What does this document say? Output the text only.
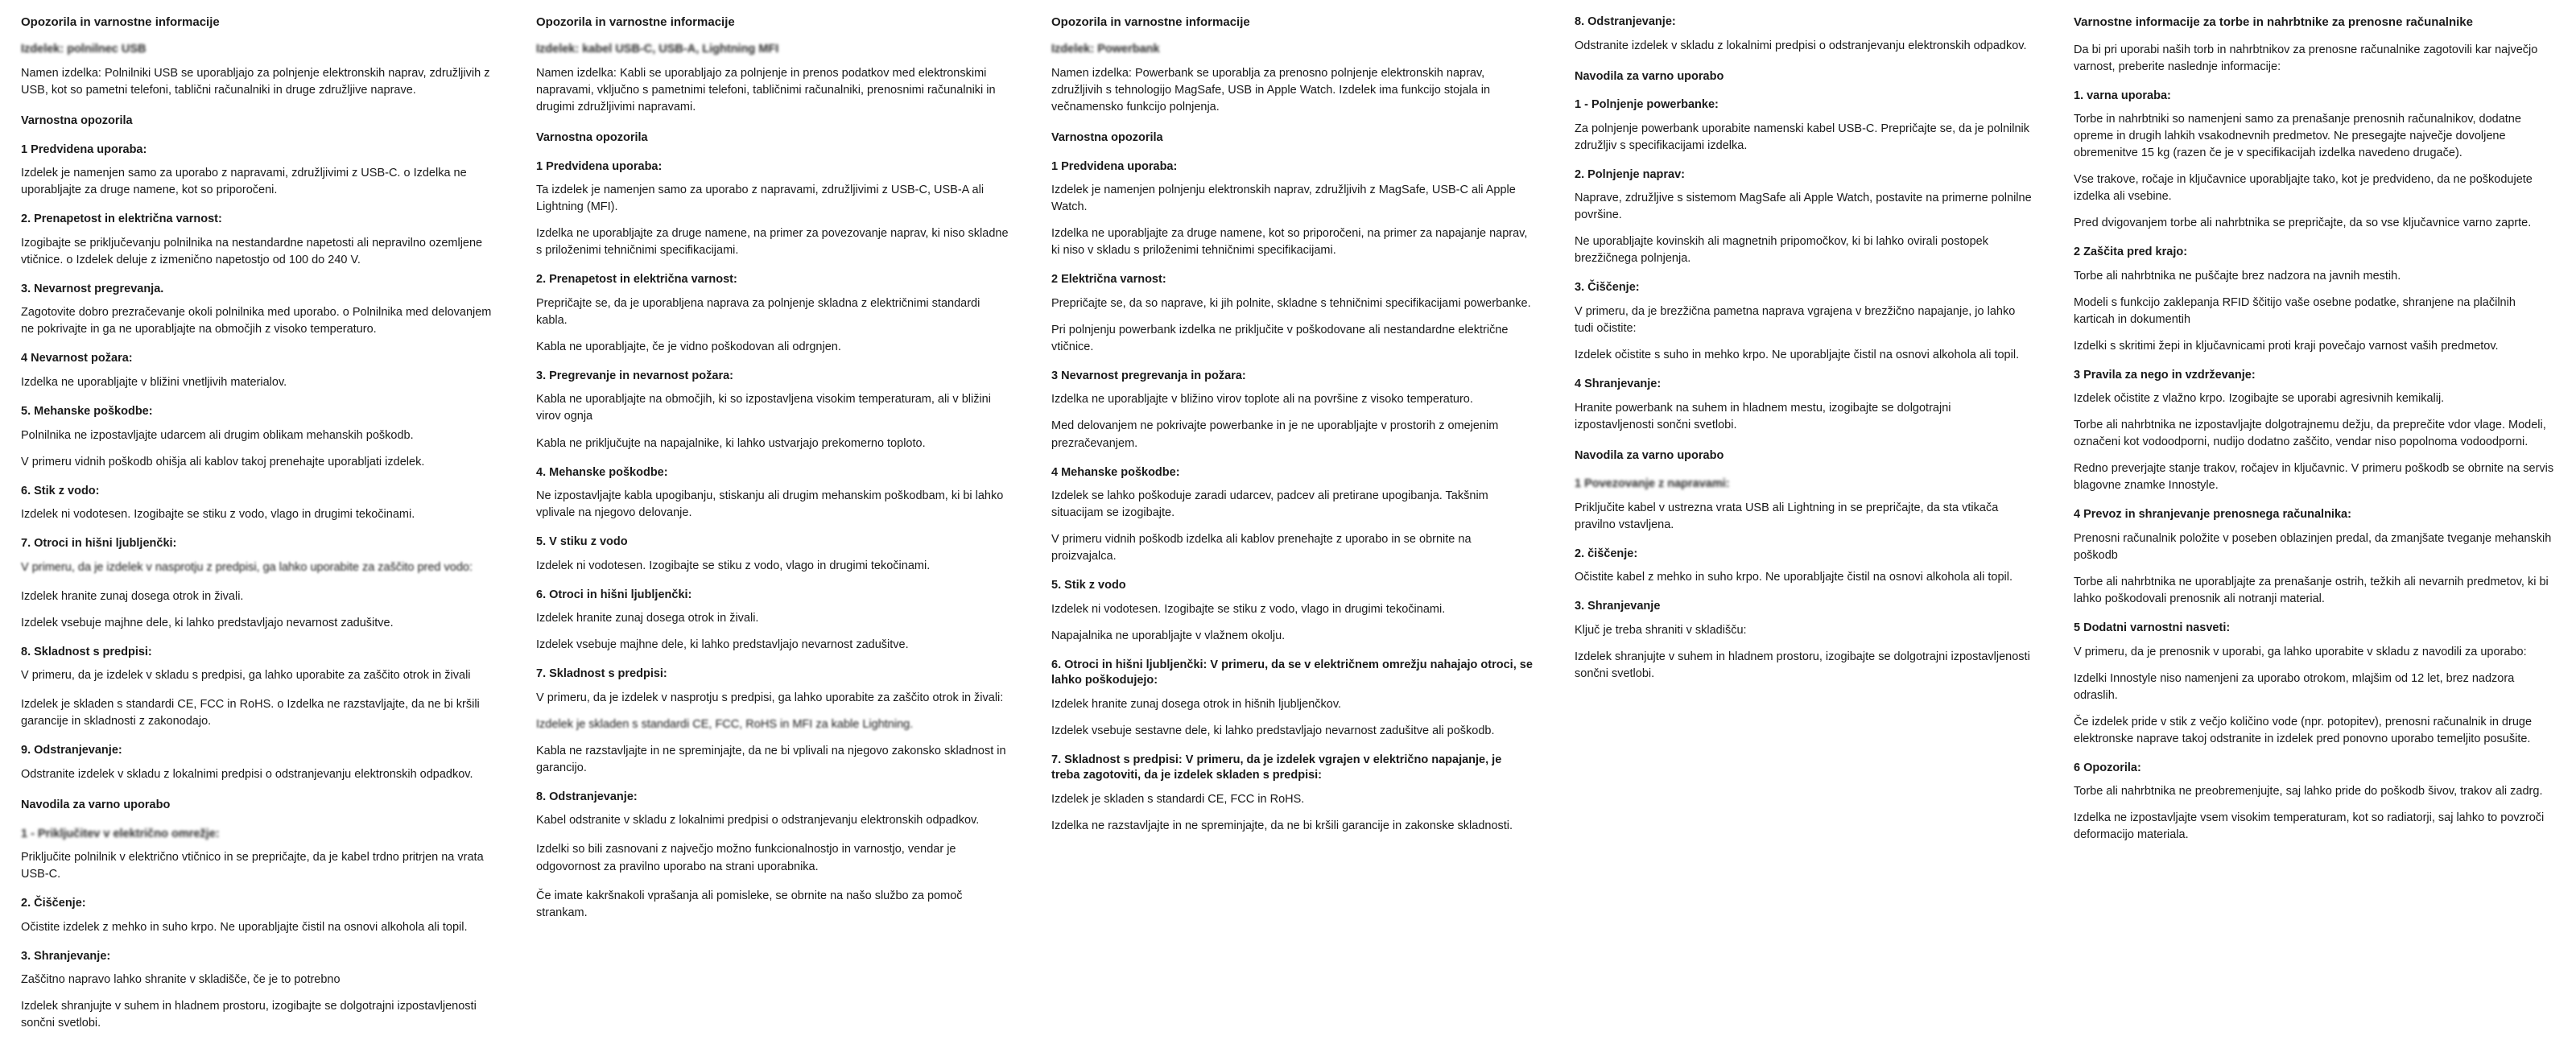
Opozorila in varnostne informacije
Izdelek: polnilnec USB

Namen izdelka: Polnilniki USB se uporabljajo za polnjenje elektronskih naprav, združljivih z USB, kot so pametni telefoni, tablični računalniki in druge združljive naprave.

Varnostna opozorila
1 Predvidena uporaba:

Izdelek je namenjen samo za uporabo z napravami, združljivimi z USB-C. o Izdelka ne uporabljajte za druge namene, kot so priporočeni.

2. Prenapetost in električna varnost:

Izogibajte se priključevanju polnilnika na nestandardne napetosti ali nepravilno ozemljene vtičnice. o Izdelek deluje z izmenično napetostjo od 100 do 240 V.

3. Nevarnost pregrevanja.

Zagotovite dobro prezračevanje okoli polnilnika med uporabo. o Polnilnika med delovanjem ne pokrivajte in ga ne uporabljajte na območjih z visoko temperaturo.

4 Nevarnost požara:

Izdelka ne uporabljajte v bližini vnetljivih materialov.

5. Mehanske poškodbe:

Polnilnika ne izpostavljajte udarcem ali drugim oblikam mehanskih poškodb.

V primeru vidnih poškodb ohišja ali kablov takoj prenehajte uporabljati izdelek.

6. Stik z vodo:

Izdelek ni vodotesen. Izogibajte se stiku z vodo, vlago in drugimi tekočinami.

7. Otroci in hišni ljubljenčki:

V primeru, da je izdelek v nasprotju z predpisi, ga lahko uporabite za zaščito pred vodo:

Izdelek hranite zunaj dosega otrok in živali.

Izdelek vsebuje majhne dele, ki lahko predstavljajo nevarnost zadušitve.

8. Skladnost s predpisi:

V primeru, da je izdelek v skladu s predpisi, ga lahko uporabite za zaščito otrok in živali

Izdelek je skladen s standardi CE, FCC in RoHS. o Izdelka ne razstavljajte, da ne bi kršili garancije in skladnosti z zakonodajo.

9. Odstranjevanje:

Odstranite izdelek v skladu z lokalnimi predpisi o odstranjevanju elektronskih odpadkov.

Navodila za varno uporabo
1 - Priključitev v električno omrežje:

Priključite polnilnik v električno vtičnico in se prepričajte, da je kabel trdno pritrjen na vrata USB-C.

2. Čiščenje:

Očistite izdelek z mehko in suho krpo. Ne uporabljajte čistil na osnovi alkohola ali topil.

3. Shranjevanje:

Zaščitno napravo lahko shranite v skladišče, če je to potrebno

Izdelek shranjujte v suhem in hladnem prostoru, izogibajte se dolgotrajni izpostavljenosti sončni svetlobi.

Opozorila in varnostne informacije
Izdelek: kabel USB-C, USB-A, Lightning MFI

Namen izdelka: Kabli se uporabljajo za polnjenje in prenos podatkov med elektronskimi napravami, vključno s pametnimi telefoni, tabličnimi računalniki, prenosnimi računalniki in drugimi združljivimi napravami.

Varnostna opozorila
1 Predvidena uporaba:

Ta izdelek je namenjen samo za uporabo z napravami, združljivimi z USB-C, USB-A ali Lightning (MFI).

Izdelka ne uporabljajte za druge namene, na primer za povezovanje naprav, ki niso skladne s priloženimi tehničnimi specifikacijami.

2. Prenapetost in električna varnost:

Prepričajte se, da je uporabljena naprava za polnjenje skladna z električnimi standardi kabla.

Kabla ne uporabljajte, če je vidno poškodovan ali odrgnjen.

3. Pregrevanje in nevarnost požara:

Kabla ne uporabljajte na območjih, ki so izpostavljena visokim temperaturam, ali v bližini virov ognja

Kabla ne priključujte na napajalnike, ki lahko ustvarjajo prekomerno toploto.

4. Mehanske poškodbe:

Ne izpostavljajte kabla upogibanju, stiskanju ali drugim mehanskim poškodbam, ki bi lahko vplivale na njegovo delovanje.

5. V stiku z vodo

Izdelek ni vodotesen. Izogibajte se stiku z vodo, vlago in drugimi tekočinami.

6. Otroci in hišni ljubljenčki:

Izdelek hranite zunaj dosega otrok in živali.

Izdelek vsebuje majhne dele, ki lahko predstavljajo nevarnost zadušitve.

7. Skladnost s predpisi:

V primeru, da je izdelek v nasprotju s predpisi, ga lahko uporabite za zaščito otrok in živali:

Izdelek je skladen s standardi CE, FCC, RoHS in MFI za kable Lightning.

Kabla ne razstavljajte in ne spreminjajte, da ne bi vplivali na njegovo zakonsko skladnost in garancijo.

8. Odstranjevanje:

Kabel odstranite v skladu z lokalnimi predpisi o odstranjevanju elektronskih odpadkov.

Izdelki so bili zasnovani z največjo možno funkcionalnostjo in varnostjo, vendar je odgovornost za pravilno uporabo na strani uporabnika.

Če imate kakršnakoli vprašanja ali pomislekе, se obrnite na našo službo za pomoč strankam.

Opozorila in varnostne informacije
Izdelek: Powerbank

Namen izdelka: Powerbank se uporablja za prenosno polnjenje elektronskih naprav, združljivih s tehnologijo MagSafe, USB in Apple Watch. Izdelek ima funkcijo stojala in večnamensko funkcijo polnjenja.

Varnostna opozorila
1 Predvidena uporaba:

Izdelek je namenjen polnjenju elektronskih naprav, združljivih z MagSafe, USB-C ali Apple Watch.

Izdelka ne uporabljajte za druge namene, kot so priporočeni, na primer za napajanje naprav, ki niso v skladu s priloženimi tehničnimi specifikacijami.

2 Električna varnost:

Prepričajte se, da so naprave, ki jih polnite, skladne s tehničnimi specifikacijami powerbanke.

Pri polnjenju powerbank izdelka ne priključite v poškodovane ali nestandardne električne vtičnice.

3 Nevarnost pregrevanja in požara:

Izdelka ne uporabljajte v bližino virov toplote ali na površine z visoko temperaturo.

Med delovanjem ne pokrivajte powerbanke in je ne uporabljajte v prostorih z omejenim prezračevanjem.

4 Mehanske poškodbe:

Izdelek se lahko poškoduje zaradi udarcev, padcev ali pretirane upogibanja. Takšnim situacijam se izogibajte.

V primeru vidnih poškodb izdelka ali kablov prenehajte z uporabo in se obrnite na proizvajalca.

5. Stik z vodo

Izdelek ni vodotesen. Izogibajte se stiku z vodo, vlago in drugimi tekočinami.

Napajalnika ne uporabljajte v vlažnem okolju.

6. Otroci in hišni ljubljenčki: V primeru, da se v električnem omrežju nahajajo otroci, se lahko poškodujejo:

Izdelek hranite zunaj dosega otrok in hišnih ljubljenčkov.

Izdelek vsebuje sestavne dele, ki lahko predstavljajo nevarnost zadušitve ali poškodb.

7. Skladnost s predpisi: V primeru, da je izdelek vgrajen v električno napajanje, je treba zagotoviti, da je izdelek skladen s predpisi:

Izdelek je skladen s standardi CE, FCC in RoHS.

Izdelka ne razstavljajte in ne spreminjajte, da ne bi kršili garancije in zakonske skladnosti.

8. Odstranjevanje:

Odstranite izdelek v skladu z lokalnimi predpisi o odstranjevanju elektronskih odpadkov.

Navodila za varno uporabo
1 - Polnjenje powerbanke:

Za polnjenje powerbank uporabite namenski kabel USB-C. Prepričajte se, da je polnilnik združljiv s specifikacijami izdelka.

2. Polnjenje naprav:

Naprave, združljive s sistemom MagSafe ali Apple Watch, postavite na primerne polnilne površine.

Ne uporabljajte kovinskih ali magnetnih pripomočkov, ki bi lahko ovirali postopek brezžičnega polnjenja.

3. Čiščenje:

V primeru, da je brezžična pametna naprava vgrajena v brezžično napajanje, jo lahko tudi očistite:

Izdelek očistite s suho in mehko krpo. Ne uporabljajte čistil na osnovi alkohola ali topil.

4 Shranjevanje:

Hranite powerbank na suhem in hladnem mestu, izogibajte se dolgotrajni izpostavljenosti sončni svetlobi.

Navodila za varno uporabo
1 Povezovanje z napravami:

Priključite kabel v ustrezna vrata USB ali Lightning in se prepričajte, da sta vtikača pravilno vstavljena.

2. čiščenje:

Očistite kabel z mehko in suho krpo. Ne uporabljajte čistil na osnovi alkohola ali topil.

3. Shranjevanje

Ključ je treba shraniti v skladišču:

Izdelek shranjujte v suhem in hladnem prostoru, izogibajte se dolgotrajni izpostavljenosti sončni svetlobi.

Varnostne informacije za torbe in nahrbtnike za prenosne računalnike

Da bi pri uporabi naših torb in nahrbtnikov za prenosne računalnike zagotovili kar največjo varnost, preberite naslednje informacije:

1. varna uporaba:

Torbe in nahrbtniki so namenjeni samo za prenašanje prenosnih računalnikov, dodatne opreme in drugih lahkih vsakodnevnih predmetov. Ne presegajte največje dovoljene obremenitve 15 kg (razen če je v specifikacijah izdelka navedeno drugače).

Vse trakove, ročaje in ključavnice uporabljajte tako, kot je predvideno, da ne poškodujete izdelka ali vsebine.

Pred dvigovanjem torbe ali nahrbtnika se prepričajte, da so vse ključavnice varno zaprte.

2 Zaščita pred krajo:

Torbe ali nahrbtnika ne puščajte brez nadzora na javnih mestih.

Modeli s funkcijo zaklepanja RFID ščitijo vaše osebne podatke, shranjene na plačilnih karticah in dokumentih

Izdelki s skritimi žepi in ključavnicami proti kraji povečajo varnost vaših predmetov.

3 Pravila za nego in vzdrževanje:

Izdelek očistite z vlažno krpo. Izogibajte se uporabi agresivnih kemikalij.

Torbe ali nahrbtnika ne izpostavljajte dolgotrajnemu dežju, da preprečite vdor vlage. Modeli, označeni kot vodoodporni, nudijo dodatno zaščito, vendar niso popolnoma vodoodporni.

Redno preverjajte stanje trakov, ročajev in ključavnic. V primeru poškodb se obrnite na servis blagovne znamke Innostyle.

4 Prevoz in shranjevanje prenosnega računalnika:

Prenosni računalnik položite v poseben oblazinjen predal, da zmanjšate tveganje mehanskih poškodb

Torbe ali nahrbtnika ne uporabljajte za prenašanje ostrih, težkih ali nevarnih predmetov, ki bi lahko poškodovali prenosnik ali notranji material.

5 Dodatni varnostni nasveti:

V primeru, da je prenosnik v uporabi, ga lahko uporabite v skladu z navodili za uporabo:

Izdelki Innostyle niso namenjeni za uporabo otrokom, mlajšim od 12 let, brez nadzora odraslih.

Če izdelek pride v stik z večjo količino vode (npr. potopitev), prenosni računalnik in druge elektronske naprave takoj odstranite in izdelek pred ponovno uporabo temeljito posušite.

6 Opozorila:

Torbe ali nahrbtnika ne preobremenjujte, saj lahko pride do poškodb šivov, trakov ali zadrg.

Izdelka ne izpostavljajte vsem visokim temperaturam, kot so radiatorji, saj lahko to povzroči deformacijo materiala.
